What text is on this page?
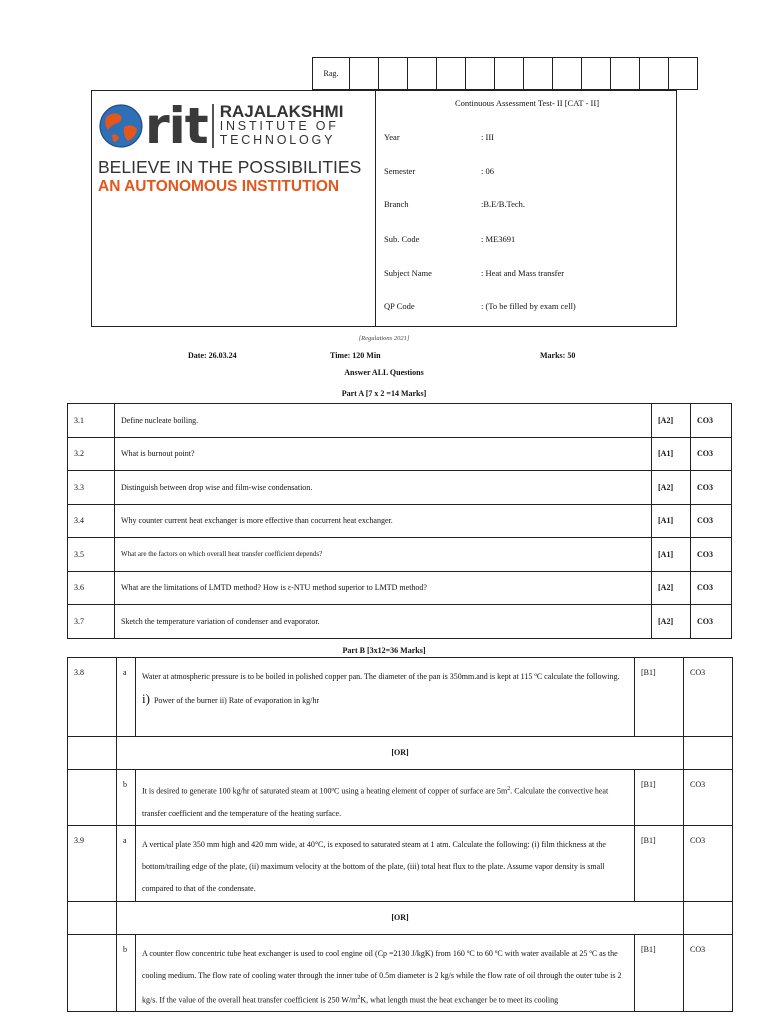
Rag.												
rit RAJALAKSHMI
INSTITUTE OF
TECHNOLOGY
BELIEVE IN THE POSSIBILITIES
AN AUTONOMOUS INSTITUTION
Continuous Assessment Test- II [CAT - II]
Year	: III
Semester	: 06
Branch	:B.E/B.Tech.
Sub. Code	: ME3691
Subject Name	: Heat and Mass transfer
QP Code	: (To be filled by exam cell)
[Regulations 2021]
Date: 26.03.24	Time: 120 Min	Marks: 50
Answer ALL Questions
Part A [7 x 2 =14 Marks]
3.1	Define nucleate boiling.	[A2]	CO3
3.2	What is burnout point?	[A1]	CO3
3.3	Distinguish between drop wise and film-wise condensation.	[A2]	CO3
3.4	Why counter current heat exchanger is more effective than cocurrent heat exchanger.	[A1]	CO3
3.5	What are the factors on which overall heat transfer coefficient depends?	[A1]	CO3
3.6	What are the limitations of LMTD method? How is ε-NTU method superior to LMTD method?	[A2]	CO3
3.7	Sketch the temperature variation of condenser and evaporator.	[A2]	CO3
Part B [3x12=36 Marks]
3.8	a	Water at atmospheric pressure is to be boiled in polished copper pan. The diameter of the pan is 350mm.and is kept at 115 ºC calculate the following.
i) Power of the burner ii) Rate of evaporation in kg/hr	[B1]	CO3
	[OR]			
	b	It is desired to generate 100 kg/hr of saturated steam at 100ºC using a heating element of copper of surface are $5m^2$. Calculate the convective heat transfer coefficient and the temperature of the heating surface.	[B1]	CO3
3.9	a	A vertical plate 350 mm high and 420 mm wide, at 40°C, is exposed to saturated steam at 1 atm. Calculate the following: (i) film thickness at the bottom/trailing edge of the plate, (ii) maximum velocity at the bottom of the plate, (iii) total heat flux to the plate. Assume vapor density is small compared to that of the condensate.	[B1]	CO3
	[OR]			
	b	A counter flow concentric tube heat exchanger is used to cool engine oil (Cp =2130 J/kgK) from 160 ºC to 60 ºC with water available at 25 ºC as the cooling medium. The flow rate of cooling water through the inner tube of 0.5m diameter is 2 kg/s while the flow rate of oil through the outer tube is 2 kg/s. If the value of the overall heat transfer coefficient is 250 $W/m^2K$, what length must the heat exchanger be to meet its cooling	[B1]	CO3
